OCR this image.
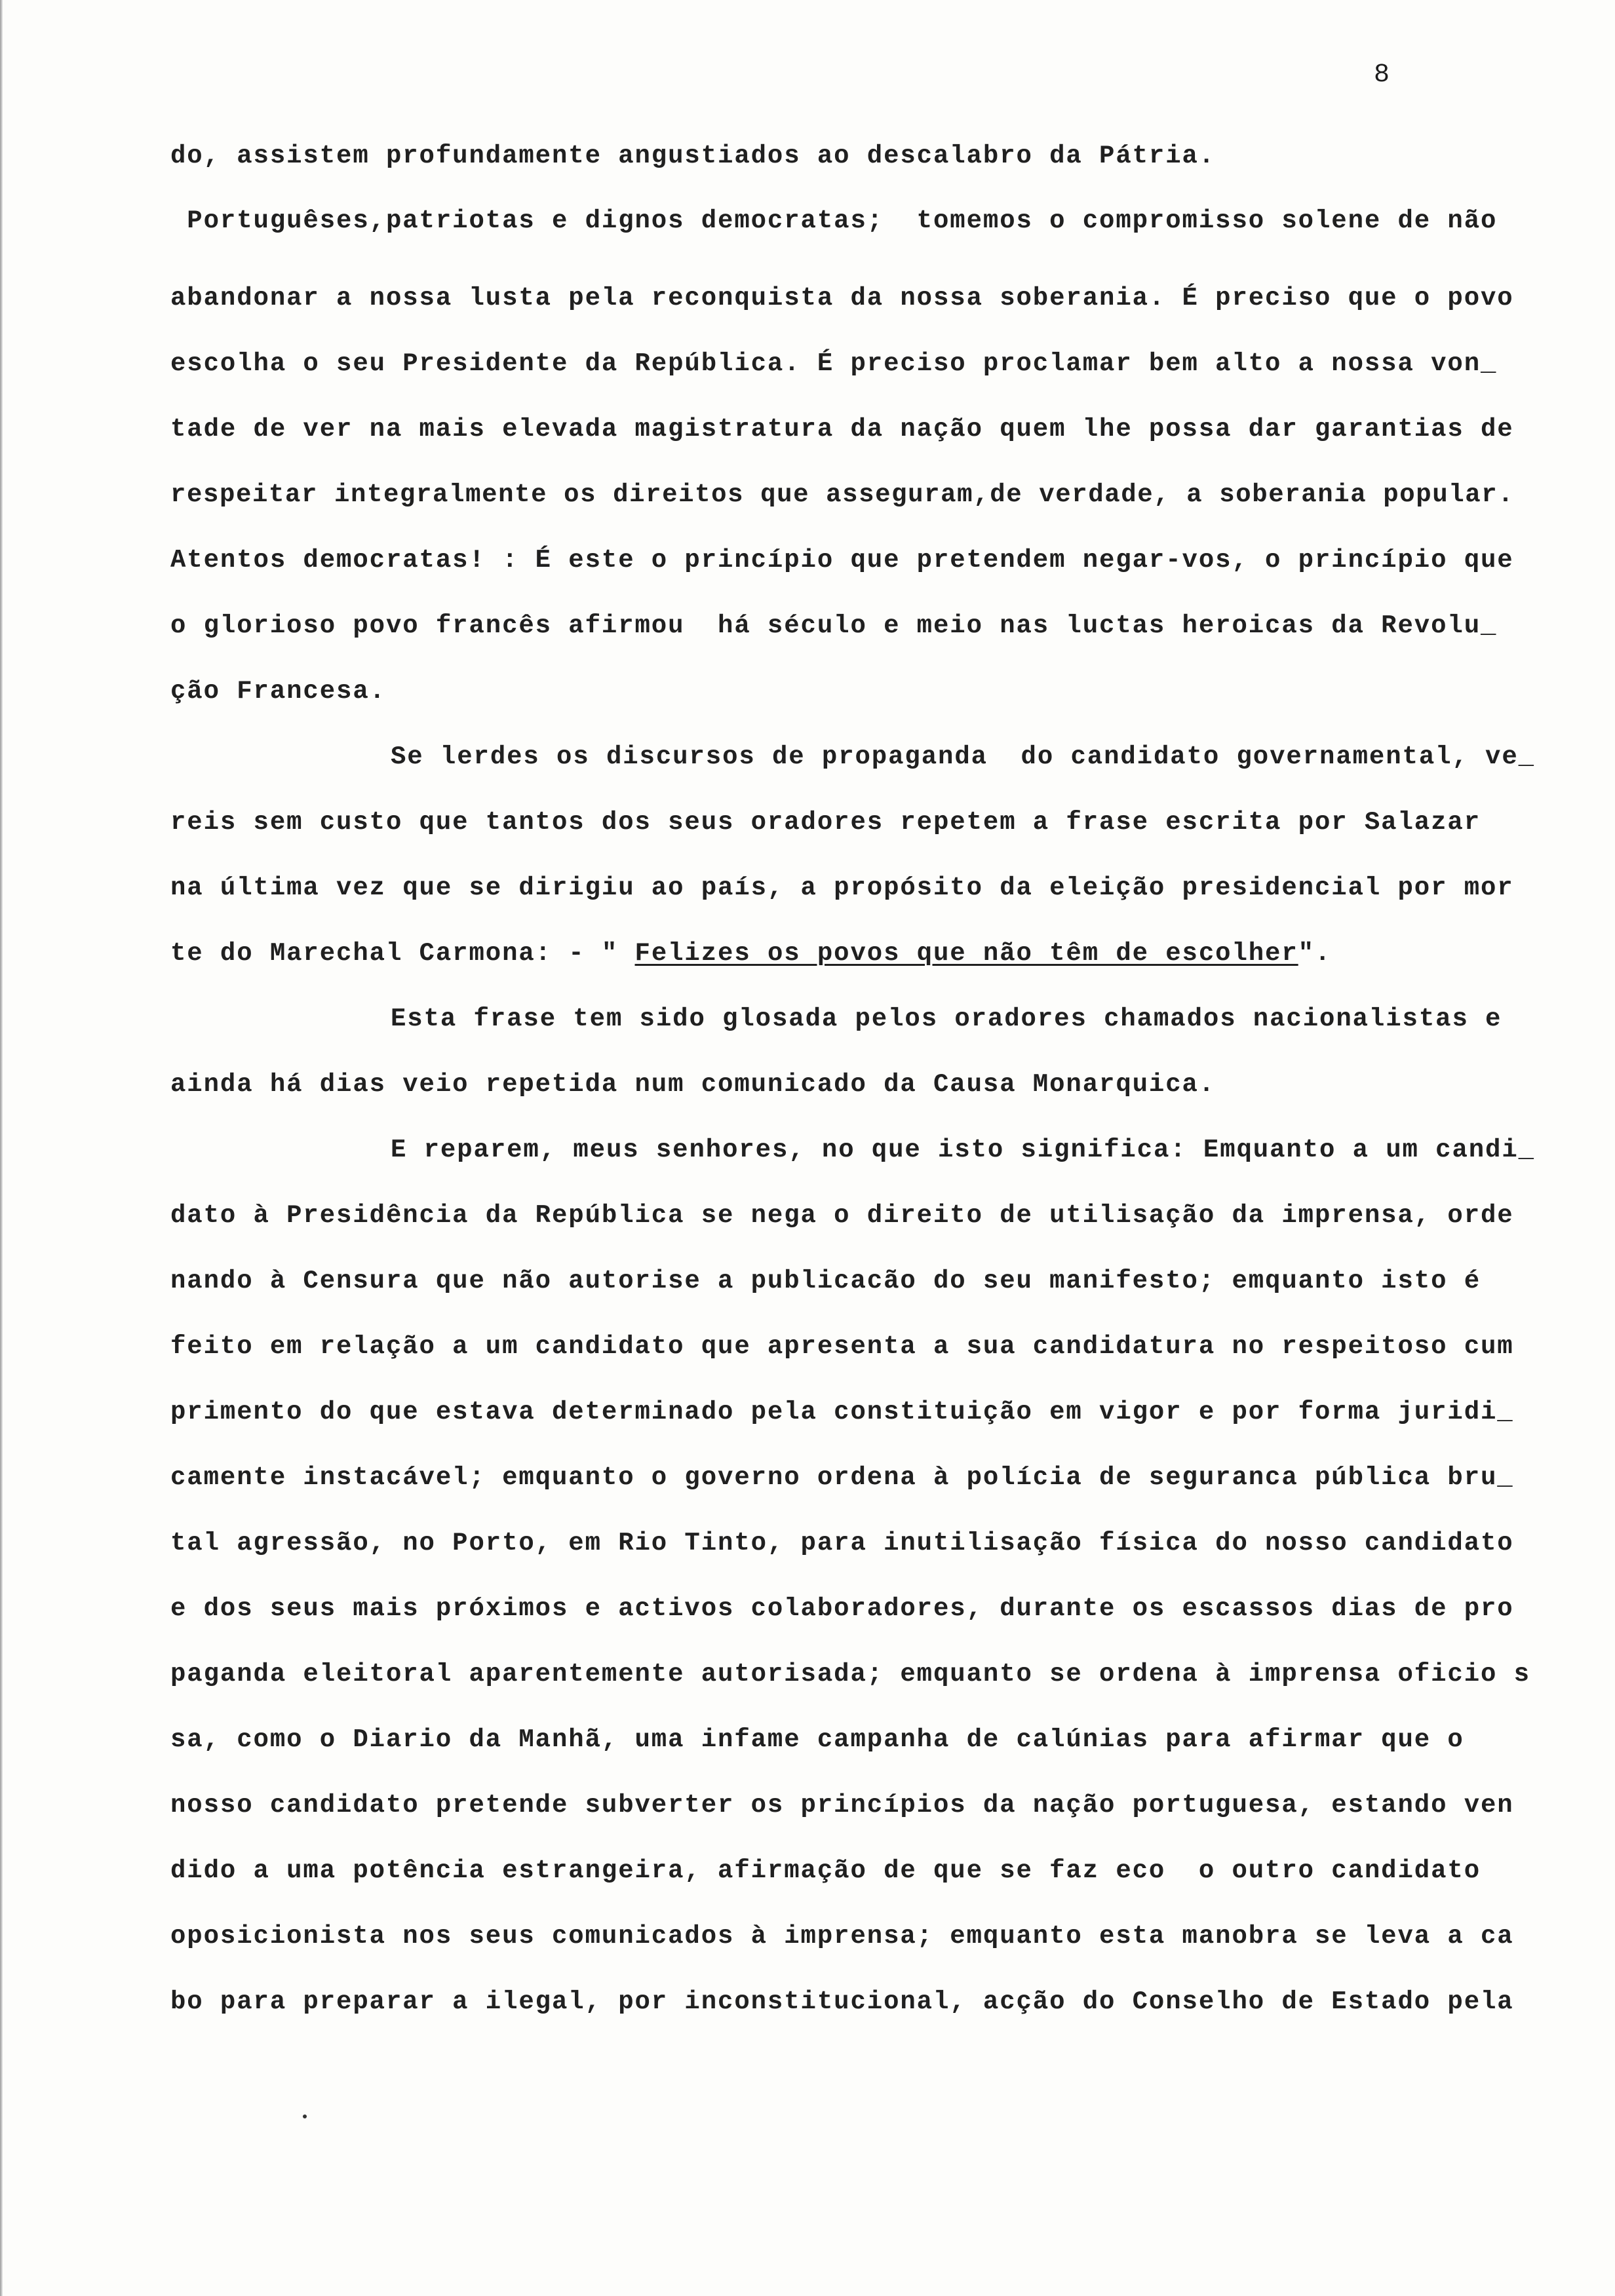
8
do, assistem profundamente angustiados ao descalabro da Pátria.
Portuguêses,patriotas e dignos democratas;  tomemos o compromisso solene de não
abandonar a nossa lusta pela reconquista da nossa soberania. É preciso que o povo
escolha o seu Presidente da República. É preciso proclamar bem alto a nossa von_
tade de ver na mais elevada magistratura da nação quem lhe possa dar garantias de
respeitar integralmente os direitos que asseguram,de verdade, a soberania popular.
Atentos democratas! : É este o princípio que pretendem negar-vos, o princípio que
o glorioso povo francês afirmou  há século e meio nas luctas heroicas da Revolu_
ção Francesa.
Se lerdes os discursos de propaganda  do candidato governamental, ve_
reis sem custo que tantos dos seus oradores repetem a frase escrita por Salazar
na última vez que se dirigiu ao país, a propósito da eleição presidencial por mor
te do Marechal Carmona: - " Felizes os povos que não têm de escolher".
Esta frase tem sido glosada pelos oradores chamados nacionalistas e
ainda há dias veio repetida num comunicado da Causa Monarquica.
E reparem, meus senhores, no que isto significa: Emquanto a um candi_
dato à Presidência da República se nega o direito de utilisação da imprensa, orde
nando à Censura que não autorise a publicacão do seu manifesto; emquanto isto é
feito em relação a um candidato que apresenta a sua candidatura no respeitoso cum
primento do que estava determinado pela constituição em vigor e por forma juridi_
camente instacável; emquanto o governo ordena à polícia de seguranca pública bru_
tal agressão, no Porto, em Rio Tinto, para inutilisação física do nosso candidato
e dos seus mais próximos e activos colaboradores, durante os escassos dias de pro
paganda eleitoral aparentemente autorisada; emquanto se ordena à imprensa oficio s
sa, como o Diario da Manhã, uma infame campanha de calúnias para afirmar que o
nosso candidato pretende subverter os princípios da nação portuguesa, estando ven
dido a uma potência estrangeira, afirmação de que se faz eco  o outro candidato
oposicionista nos seus comunicados à imprensa; emquanto esta manobra se leva a ca
bo para preparar a ilegal, por inconstitucional, acção do Conselho de Estado pela
